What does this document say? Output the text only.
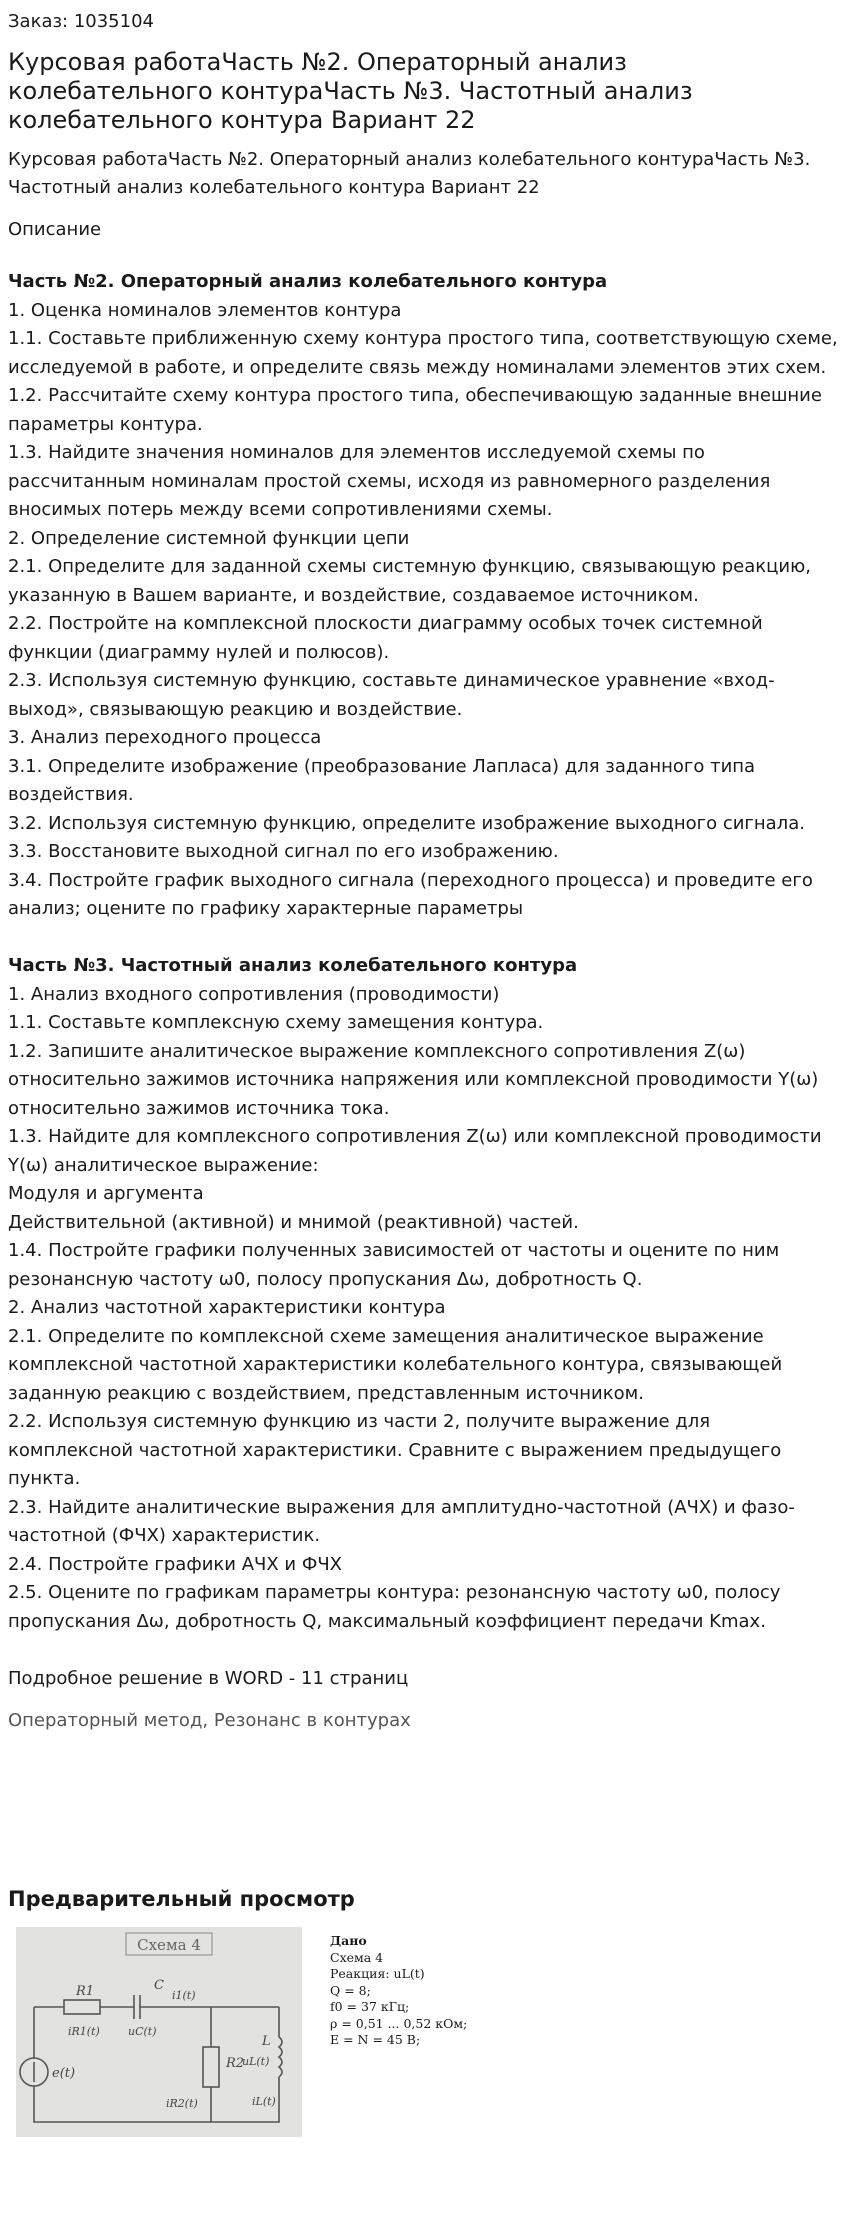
Заказ: 1035104
Курсовая работаЧасть №2. Операторный анализ колебательного контураЧасть №3. Частотный анализ колебательного контура Вариант 22
Курсовая работаЧасть №2. Операторный анализ колебательного контураЧасть №3. Частотный анализ колебательного контура Вариант 22
Описание
Часть №2. Операторный анализ колебательного контура
1. Оценка номиналов элементов контура
1.1. Составьте приближенную схему контура простого типа, соответствующую схеме, исследуемой в работе, и определите связь между номиналами элементов этих схем.
1.2. Рассчитайте схему контура простого типа, обеспечивающую заданные внешние параметры контура.
1.3. Найдите значения номиналов для элементов исследуемой схемы по рассчитанным номиналам простой схемы, исходя из равномерного разделения вносимых потерь между всеми сопротивлениями схемы.
2. Определение системной функции цепи
2.1. Определите для заданной схемы системную функцию, связывающую реакцию, указанную в Вашем варианте, и воздействие, создаваемое источником.
2.2. Постройте на комплексной плоскости диаграмму особых точек системной функции (диаграмму нулей и полюсов).
2.3. Используя системную функцию, составьте динамическое уравнение «вход-выход», связывающую реакцию и воздействие.
3. Анализ переходного процесса
3.1. Определите изображение (преобразование Лапласа) для заданного типа воздействия.
3.2. Используя системную функцию, определите изображение выходного сигнала.
3.3. Восстановите выходной сигнал по его изображению.
3.4. Постройте график выходного сигнала (переходного процесса) и проведите его анализ; оцените по графику характерные параметры
Часть №3. Частотный анализ колебательного контура
1. Анализ входного сопротивления (проводимости)
1.1. Составьте комплексную схему замещения контура.
1.2. Запишите аналитическое выражение комплексного сопротивления Z(ω) относительно зажимов источника напряжения или комплексной проводимости Y(ω) относительно зажимов источника тока.
1.3. Найдите для комплексного сопротивления Z(ω) или комплексной проводимости Y(ω) аналитическое выражение:
Модуля и аргумента
Действительной (активной) и мнимой (реактивной) частей.
1.4. Постройте графики полученных зависимостей от частоты и оцените по ним резонансную частоту ω0, полосу пропускания Δω, добротность Q.
2. Анализ частотной характеристики контура
2.1. Определите по комплексной схеме замещения аналитическое выражение комплексной частотной характеристики колебательного контура, связывающей заданную реакцию с воздействием, представленным источником.
2.2. Используя системную функцию из части 2, получите выражение для комплексной частотной характеристики. Сравните с выражением предыдущего пункта.
2.3. Найдите аналитические выражения для амплитудно-частотной (АЧХ) и фазо-частотной (ФЧХ) характеристик.
2.4. Постройте графики АЧХ и ФЧХ
2.5. Оцените по графикам параметры контура: резонансную частоту ω0, полосу пропускания Δω, добротность Q, максимальный коэффициент передачи Kmax.
Подробное решение в WORD - 11 страниц
Операторный метод, Резонанс в контурах
Предварительный просмотр
Схема 4
R1	C
R2
L
e(t)
iR1(t)	uC(t)
i1(t)
uL(t)
iR2(t)	iL(t)
Дано
Схема 4
Реакция: uL(t)
Q = 8;
f0 = 37 кГц;
ρ = 0,51 ... 0,52 кОм;
E = N = 45 В;
